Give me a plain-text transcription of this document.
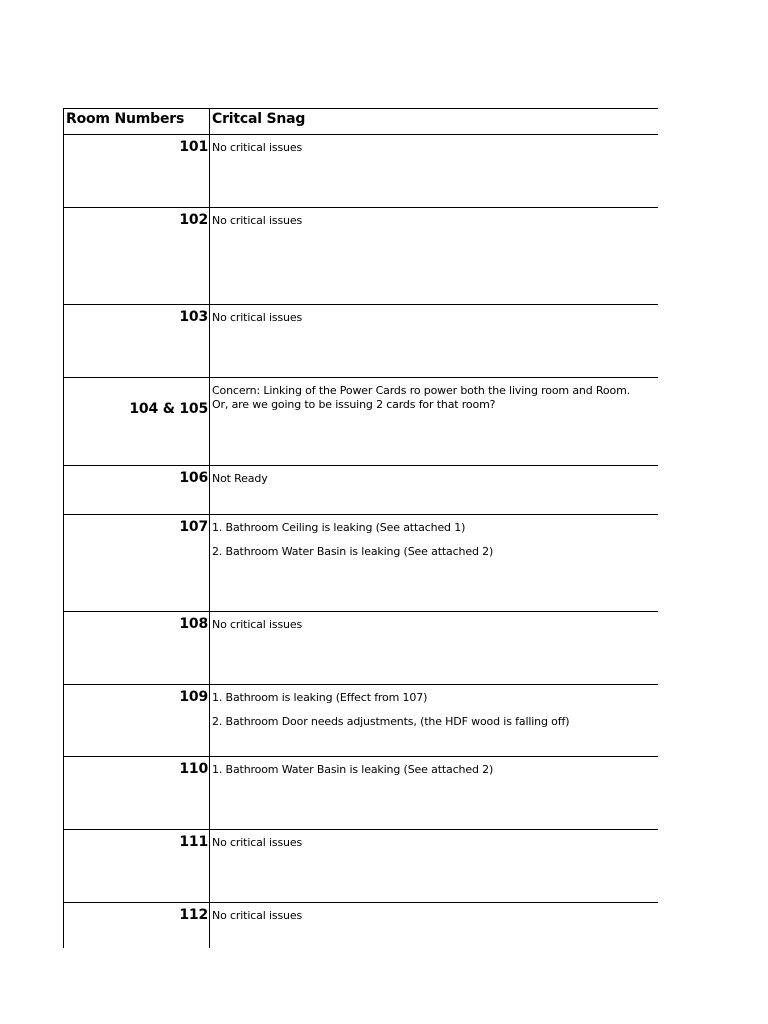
Room Numbers	Critcal Snag
101	No critical issues

102	No critical issues

103	No critical issues

104 & 105	Concern: Linking of the Power Cards ro power both the living room and Room.
Or, are we going to be issuing 2 cards for that room?

106	Not Ready

107	1. Bathroom Ceiling is leaking (See attached 1)
2. Bathroom Water Basin is leaking (See attached 2)

108	No critical issues

109	1. Bathroom is leaking (Effect from 107)
2. Bathroom Door needs adjustments, (the HDF wood is falling off)

110	1. Bathroom Water Basin is leaking (See attached 2)

111	No critical issues

112	No critical issues
